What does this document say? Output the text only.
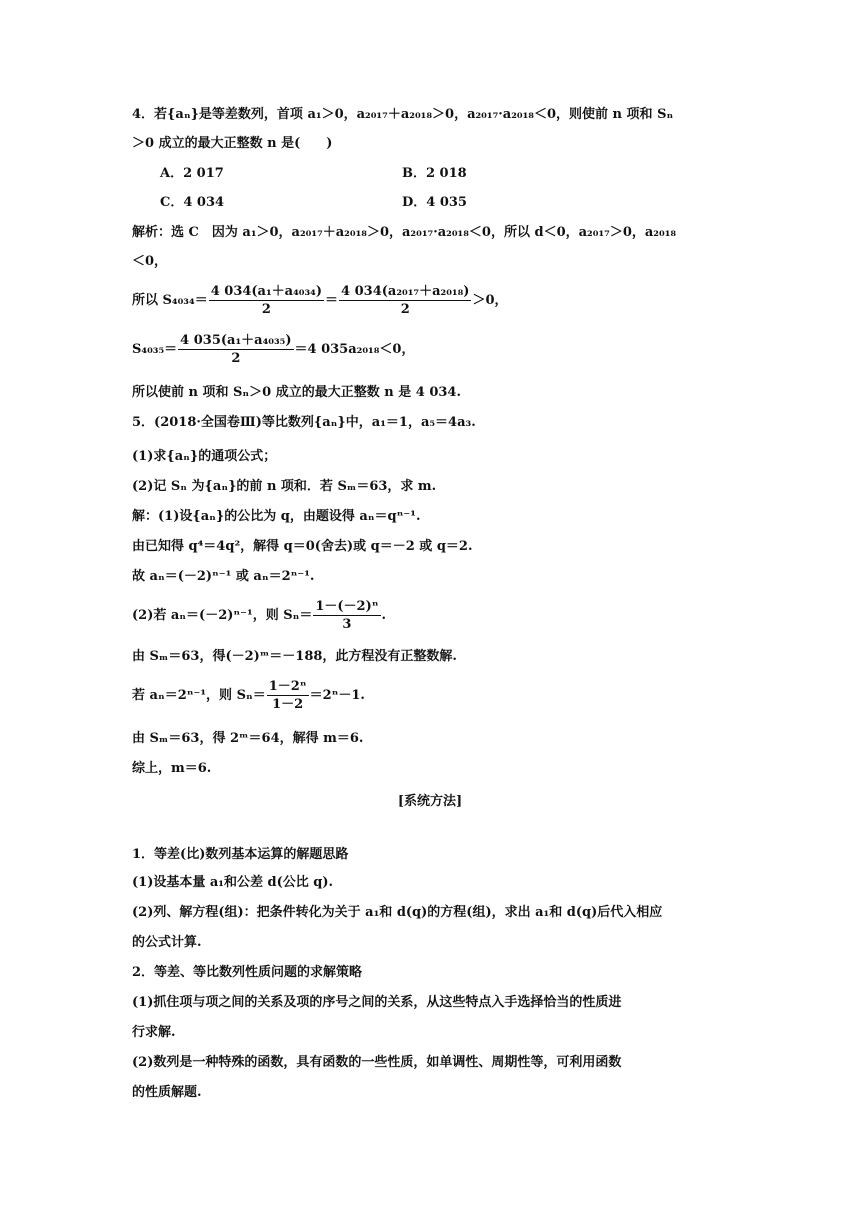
4．若{aₙ}是等差数列，首项 a₁＞0，a₂₀₁₇＋a₂₀₁₈＞0，a₂₀₁₇·a₂₀₁₈＜0，则使前 n 项和 Sₙ
＞0 成立的最大正整数 n 是(　　)
A．2 017	B．2 018
C．4 034	D．4 035
解析：选 C　因为 a₁＞0，a₂₀₁₇＋a₂₀₁₈＞0，a₂₀₁₇·a₂₀₁₈＜0，所以 d＜0，a₂₀₁₇＞0，a₂₀₁₈
＜0，
所以 $S_{4034}= \frac{\text{4 034(a₁＋a₄₀₃₄)}}{2} = \frac{\text{4 034(a₂₀₁₇＋a₂₀₁₈)}}{2} >0$，
$S_{4035}= \frac{\text{4 035(a₁＋a₄₀₃₅)}}{2} =4$ 035a₂₀₁₈＜0，
所以使前 n 项和 Sₙ＞0 成立的最大正整数 n 是 4 034.
5．(2018·全国卷Ⅲ)等比数列{aₙ}中，a₁＝1，a₅＝4a₃.
(1)求{aₙ}的通项公式；
(2)记 Sₙ 为{aₙ}的前 n 项和．若 Sₘ＝63，求 m.
解：(1)设{aₙ}的公比为 q，由题设得 aₙ＝qⁿ⁻¹.
由已知得 q⁴＝4q²，解得 q＝0(舍去)或 q＝－2 或 q＝2.
故 aₙ＝(－2)ⁿ⁻¹ 或 aₙ＝2ⁿ⁻¹.
(2)若 aₙ＝(－2)ⁿ⁻¹，则 $S_n= \frac{\text{1－(－2)ⁿ}}{3}$ .
由 Sₘ＝63，得(－2)ᵐ＝－188，此方程没有正整数解.
若 aₙ＝2ⁿ⁻¹，则 $S_n= \frac{\text{1－2ⁿ}}{1-2} =2^n-1$.
由 Sₘ＝63，得 2ᵐ＝64，解得 m＝6.
综上，m＝6.
[系统方法]
1．等差(比)数列基本运算的解题思路
(1)设基本量 a₁和公差 d(公比 q).
(2)列、解方程(组)：把条件转化为关于 a₁和 d(q)的方程(组)，求出 a₁和 d(q)后代入相应
的公式计算.
2．等差、等比数列性质问题的求解策略
(1)抓住项与项之间的关系及项的序号之间的关系，从这些特点入手选择恰当的性质进
行求解.
(2)数列是一种特殊的函数，具有函数的一些性质，如单调性、周期性等，可利用函数
的性质解题.
